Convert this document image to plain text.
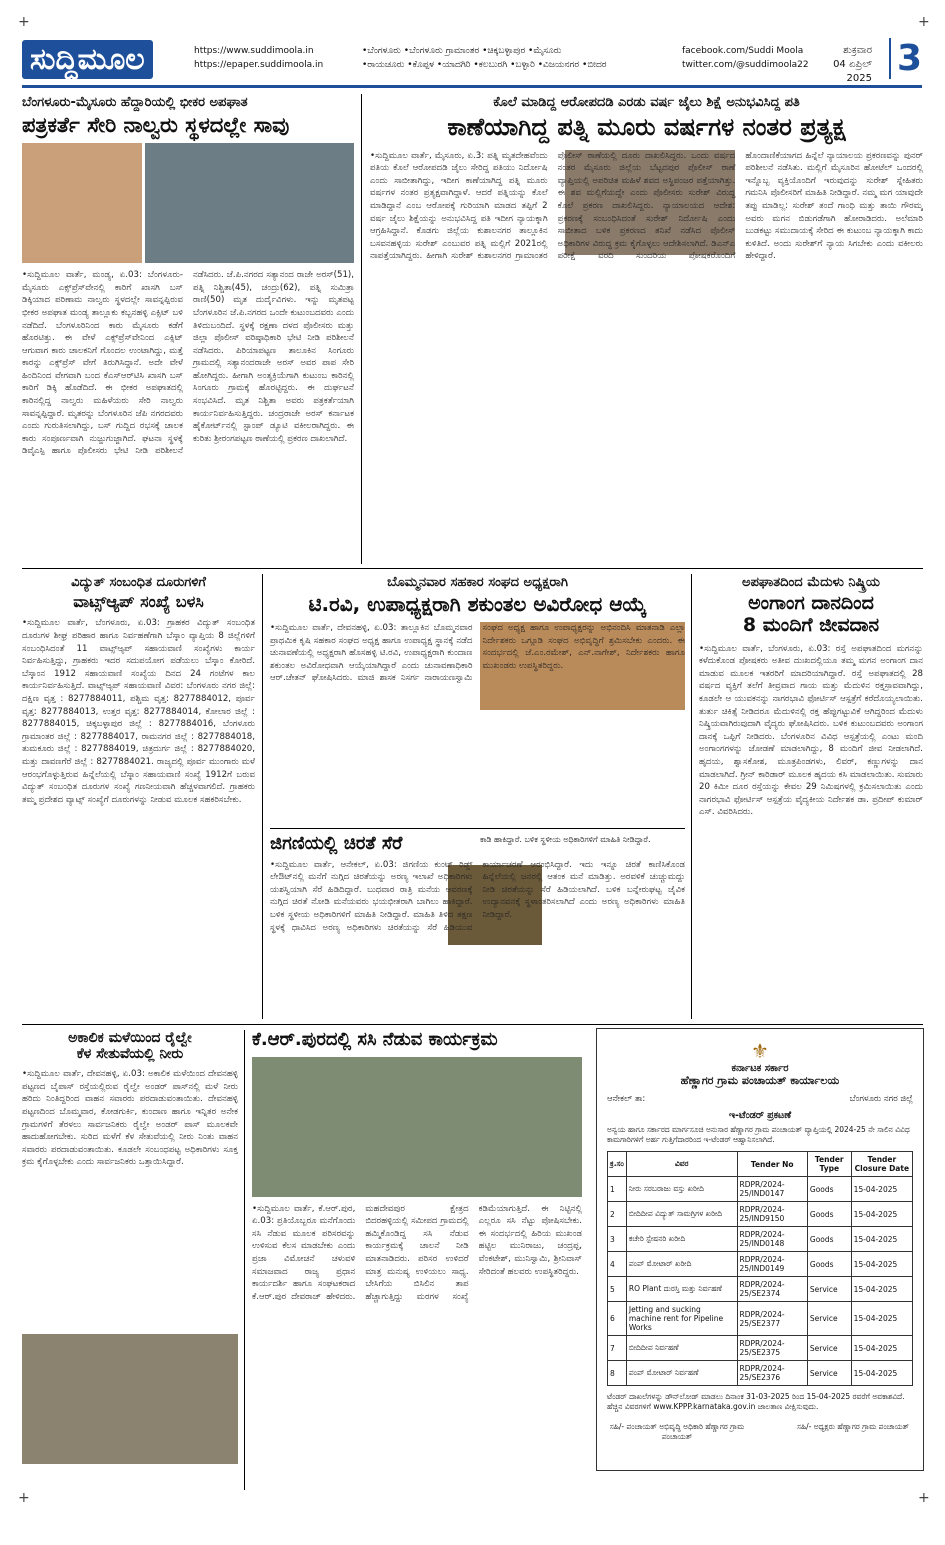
+	+
+	+
ಸುದ್ದಿಮೂಲ	https://www.suddimoola.in
https://epaper.suddimoola.in
•ಬೆಂಗಳೂರು •ಬೆಂಗಳೂರು ಗ್ರಾಮಾಂತರ •ಚಿಕ್ಕಬಳ್ಳಾಪುರ •ಮೈಸೂರು
•ರಾಯಚೂರು •ಕೊಪ್ಪಳ •ಯಾದಗಿರಿ •ಕಲಬುರಗಿ •ಬಳ್ಳಾರಿ •ವಿಜಯನಗರ •ಬೀದರ
facebook.com/Suddi Moola
twitter.com/@suddimoola22
ಶುಕ್ರವಾರ
04 ಏಪ್ರಿಲ್ 2025 3
ಬೆಂಗಳೂರು-ಮೈಸೂರು ಹೆದ್ದಾರಿಯಲ್ಲಿ ಭೀಕರ ಅಪಘಾತ
ಪತ್ರಕರ್ತೆ ಸೇರಿ ನಾಲ್ವರು ಸ್ಥಳದಲ್ಲೇ ಸಾವು
•ಸುದ್ದಿಮೂಲ ವಾರ್ತೆ, ಮಂಡ್ಯ, ಏ.03: ಬೆಂಗಳೂರು-ಮೈಸೂರು ಎಕ್ಸ್‌ಪ್ರೆಸ್‌ವೇನಲ್ಲಿ ಕಾರಿಗೆ ಖಾಸಗಿ ಬಸ್ ಡಿಕ್ಕಿಯಾದ ಪರಿಣಾಮ ನಾಲ್ವರು ಸ್ಥಳದಲ್ಲೇ ಸಾವನ್ನಪ್ಪಿರುವ ಭೀಕರ ಅಪಘಾತ ಮಂಡ್ಯ ತಾಲ್ಲೂಕು ಕಬ್ಬನಹಳ್ಳಿ ಎಕ್ಸಿಟ್ ಬಳಿ ನಡೆದಿದೆ. ಬೆಂಗಳೂರಿನಿಂದ ಕಾರು ಮೈಸೂರು ಕಡೆಗೆ ಹೊರಟಿತ್ತು. ಈ ವೇಳೆ ಎಕ್ಸ್‌ಪ್ರೆಸ್‌ವೇನಿಂದ ಎಕ್ಸಿಟ್ ಆಗುವಾಗ ಕಾರು ಚಾಲಕನಿಗೆ ಗೊಂದಲ ಉಂಟಾಗಿದ್ದು, ಮತ್ತೆ ಕಾರನ್ನು ಎಕ್ಸ್‌ಪ್ರೆಸ್ ವೇಗೆ ತಿರುಗಿಸಿದ್ದಾನೆ. ಅದೇ ವೇಳೆ ಹಿಂದಿನಿಂದ ವೇಗವಾಗಿ ಬಂದ ಕೆಎಸ್‌ಆರ್‌ಟಿಸಿ ಖಾಸಗಿ ಬಸ್ ಕಾರಿಗೆ ಡಿಕ್ಕಿ ಹೊಡೆದಿದೆ. ಈ ಭೀಕರ ಅಪಘಾತದಲ್ಲಿ ಕಾರಿನಲ್ಲಿದ್ದ ನಾಲ್ವರು ಮಹಿಳೆಯರು ಸೇರಿ ನಾಲ್ವರು ಸಾವನ್ನಪ್ಪಿದ್ದಾರೆ. ಮೃತರನ್ನು ಬೆಂಗಳೂರಿನ ಜೆಪಿ ನಗರದವರು ಎಂದು ಗುರುತಿಸಲಾಗಿದ್ದು, ಬಸ್ ಗುದ್ದಿದ ರಭಸಕ್ಕೆ ಚಾಲಕ ಕಾರು ಸಂಪೂರ್ಣವಾಗಿ ನುಜ್ಜುಗುಜ್ಜಾಗಿದೆ. ಘಟನಾ ಸ್ಥಳಕ್ಕೆ ಡಿವೈಎಸ್ಪಿ ಹಾಗೂ ಪೊಲೀಸರು ಭೇಟಿ ನೀಡಿ ಪರಿಶೀಲನೆ ನಡೆಸಿದರು. ಜೆ.ಪಿ.ನಗರದ ಸತ್ಯಾನಂದ ರಾಜೇ ಅರಸ್(51), ಪತ್ನಿ ನಿಶ್ಚಿತಾ(45), ಚಂದ್ರು(62), ಪತ್ನಿ ಸುಮಿತ್ರಾ ರಾಣಿ(50) ಮೃತ ದುರ್ದೈವಿಗಳು. ಇನ್ನು ಮೃತಪಟ್ಟ ಬೆಂಗಳೂರಿನ ಜೆ.ಪಿ.ನಗರದ ಒಂದೇ ಕುಟುಂಬದವರು ಎಂದು ತಿಳಿದುಬಂದಿದೆ. ಸ್ಥಳಕ್ಕೆ ರಕ್ಷಣಾ ದಳದ ಪೊಲೀಸರು ಮತ್ತು ಜಿಲ್ಲಾ ಪೊಲೀಸ್ ವರಿಷ್ಠಾಧಿಕಾರಿ ಭೇಟಿ ನೀಡಿ ಪರಿಶೀಲನೆ ನಡೆಸಿದರು. ಪಿರಿಯಾಪಟ್ಟಣ ತಾಲೂಕಿನ ಸಿಂಗೂರು ಗ್ರಾಮದಲ್ಲಿ ಸತ್ಯಾನಂದರಾಜೇ ಅರಸ್ ಅವರ ಪಾಪ ಸೇರಿ ಹೋಗಿದ್ದರು. ಹೀಗಾಗಿ ಅಂತ್ಯಕ್ರಿಯೆಗಾಗಿ ಕುಟುಂಬ ಕಾರಿನಲ್ಲಿ ಸಿಂಗೂರು ಗ್ರಾಮಕ್ಕೆ ಹೊರಟ್ಟಿದ್ದರು. ಈ ದುರ್ಘಟನೆ ಸಂಭವಿಸಿದೆ. ಮೃತ ನಿಶ್ಚಿತಾ ಅವರು ಪತ್ರಕರ್ತೆಯಾಗಿ ಕಾರ್ಯನಿರ್ವಹಿಸುತ್ತಿದ್ದರು. ಚಂದ್ರರಾಜೇ ಅರಸ್ ಕರ್ನಾಟಕ ಹೈಕೋರ್ಟ್‌ನಲ್ಲಿ ಸ್ಟಾಂಪ್ ಡ್ಯೂಟಿ ವಕೀಲರಾಗಿದ್ದರು. ಈ ಕುರಿತು ಶ್ರೀರಂಗಪಟ್ಟಣ ಠಾಣೆಯಲ್ಲಿ ಪ್ರಕರಣ ದಾಖಲಾಗಿದೆ.
ಕೊಲೆ ಮಾಡಿದ್ದ ಆರೋಪದಡಿ ಎರಡು ವರ್ಷ ಜೈಲು ಶಿಕ್ಷೆ ಅನುಭವಿಸಿದ್ದ ಪತಿ
ಕಾಣೆಯಾಗಿದ್ದ ಪತ್ನಿ ಮೂರು ವರ್ಷಗಳ ನಂತರ ಪ್ರತ್ಯಕ್ಷ
•ಸುದ್ದಿಮೂಲ ವಾರ್ತೆ, ಮೈಸೂರು, ಏ.3: ಪತ್ನಿ ಮೃತದೇಹವೆಂದು ಪತಿಯ ಕೊಲೆ ಆರೋಪದಡಿ ಜೈಲು ಸೇರಿದ್ದ ಪತಿಯು ನಿರ್ದೋಷಿ ಎಂದು ಸಾಬೀತಾಗಿದ್ದು, ಇದೀಗ ಕಾಣೆಯಾಗಿದ್ದ ಪತ್ನಿ ಮೂರು ವರ್ಷಗಳ ನಂತರ ಪ್ರತ್ಯಕ್ಷವಾಗಿದ್ದಾಳೆ. ಆದರೆ ಪತ್ನಿಯನ್ನು ಕೊಲೆ ಮಾಡಿದ್ದಾನೆ ಎಂಬ ಆರೋಪಕ್ಕೆ ಗುರಿಯಾಗಿ ಮಾಡದ ತಪ್ಪಿಗೆ 2 ವರ್ಷ ಜೈಲು ಶಿಕ್ಷೆಯನ್ನು ಅನುಭವಿಸಿದ್ದ ಪತಿ ಇದೀಗ ನ್ಯಾಯಕ್ಕಾಗಿ ಆಗ್ರಹಿಸಿದ್ದಾನೆ. ಕೊಡಗು ಜಿಲ್ಲೆಯ ಕುಶಾಲನಗರ ತಾಲ್ಲೂಕಿನ ಬಸವನಹಳ್ಳಿಯ ಸುರೇಶ್ ಎಂಬುವರ ಪತ್ನಿ ಮಲ್ಲಿಗೆ 2021ರಲ್ಲಿ ನಾಪತ್ತೆಯಾಗಿದ್ದರು. ಹೀಗಾಗಿ ಸುರೇಶ್ ಕುಶಾಲನಗರ ಗ್ರಾಮಾಂತರ ಪೊಲೀಸ್ ಠಾಣೆಯಲ್ಲಿ ದೂರು ದಾಖಲಿಸಿದ್ದರು. ಒಂದು ವರ್ಷದ ನಂತರ ಮೈಸೂರು ಜಿಲ್ಲೆಯ ಬೆಟ್ಟದಪುರ ಪೊಲೀಸ್ ಠಾಣೆ ವ್ಯಾಪ್ತಿಯಲ್ಲಿ ಅಪರಿಚಿತ ಮಹಿಳೆ ಶವದ ಅಸ್ಥಿಪಂಜರ ಪತ್ತೆಯಾಗಿತ್ತು. ಈ ಶವ ಮಲ್ಲಿಗೆಯದ್ದೇ ಎಂದು ಪೊಲೀಸರು ಸುರೇಶ್ ವಿರುದ್ಧ ಕೊಲೆ ಪ್ರಕರಣ ದಾಖಲಿಸಿದ್ದರು. ನ್ಯಾಯಾಲಯದ ಆದೇಶ: ಪ್ರಕರಣಕ್ಕೆ ಸಂಬಂಧಿಸಿದಂತೆ ಸುರೇಶ್ ನಿರ್ದೋಷಿ ಎಂದು ಸಾಬೀತಾದ ಬಳಿಕ ಪ್ರಕರಣದ ತನಿಖೆ ನಡೆಸಿದ ಪೊಲೀಸ್ ಅಧಿಕಾರಿಗಳ ವಿರುದ್ಧ ಕ್ರಮ ಕೈಗೊಳ್ಳಲು ಆದೇಶಿಸಲಾಗಿದೆ. ಡಿಎನ್‌ಎ ಪರೀಕ್ಷೆ ವರದಿ ಸುಂದರಿಯ ಪೋಷಕರೊಂದಿಗೆ ಹೊಂದಾಣಿಕೆಯಾಗದ ಹಿನ್ನೆಲೆ ನ್ಯಾಯಾಲಯ ಪ್ರಕರಣವನ್ನು ಪುನರ್ ಪರಿಶೀಲನೆ ನಡೆಸಿತು. ಮಲ್ಲಿಗೆ ಮೈಸೂರಿನ ಹೋಟೆಲ್ ಒಂದರಲ್ಲಿ ಇನ್ನೊಬ್ಬ ವ್ಯಕ್ತಿಯೊಂದಿಗೆ ಇರುವುದನ್ನು ಸುರೇಶ್ ಸ್ನೇಹಿತರು ಗಮನಿಸಿ ಪೊಲೀಸರಿಗೆ ಮಾಹಿತಿ ನೀಡಿದ್ದಾರೆ. ನಮ್ಮ ಮಗ ಯಾವುದೇ ತಪ್ಪು ಮಾಡಿಲ್ಲ: ಸುರೇಶ್ ತಂದೆ ಗಾಂಧಿ ಮತ್ತು ತಾಯಿ ಗೌರಮ್ಮ ಅವರು ಮಗನ ಬಿಡುಗಡೆಗಾಗಿ ಹೋರಾಡಿದರು. ಅಲೆಮಾರಿ ಬುಡಕಟ್ಟು ಸಮುದಾಯಕ್ಕೆ ಸೇರಿದ ಈ ಕುಟುಂಬ ನ್ಯಾಯಕ್ಕಾಗಿ ಕಾದು ಕುಳಿತಿದೆ. ಅಂದು ಸುರೇಶ್‌ಗೆ ನ್ಯಾಯ ಸಿಗಬೇಕು ಎಂದು ವಕೀಲರು ಹೇಳಿದ್ದಾರೆ.
ವಿದ್ಯುತ್ ಸಂಬಂಧಿತ ದೂರುಗಳಿಗೆ
ವಾಟ್ಸ್‌ಆ್ಯಪ್ ಸಂಖ್ಯೆ ಬಳಸಿ
•ಸುದ್ದಿಮೂಲ ವಾರ್ತೆ, ಬೆಂಗಳೂರು, ಏ.03: ಗ್ರಾಹಕರ ವಿದ್ಯುತ್ ಸಂಬಂಧಿತ ದೂರುಗಳ ಶೀಘ್ರ ಪರಿಹಾರ ಹಾಗೂ ನಿರ್ವಹಣೆಗಾಗಿ ಬೆಸ್ಕಾಂ ವ್ಯಾಪ್ತಿಯ 8 ಜಿಲ್ಲೆಗಳಿಗೆ ಸಂಬಂಧಿಸಿದಂತೆ 11 ವಾಟ್ಸ್‌ಆ್ಯಪ್ ಸಹಾಯವಾಣಿ ಸಂಖ್ಯೆಗಳು ಕಾರ್ಯ ನಿರ್ವಹಿಸುತ್ತಿದ್ದು, ಗ್ರಾಹಕರು ಇದರ ಸದುಪಯೋಗ ಪಡೆಯಲು ಬೆಸ್ಕಾಂ ಕೋರಿದೆ. ಬೆಸ್ಕಾಂನ 1912 ಸಹಾಯವಾಣಿ ಸಂಖ್ಯೆಯ ದಿನದ 24 ಗಂಟೆಗಳ ಕಾಲ ಕಾರ್ಯನಿರ್ವಹಿಸುತ್ತಿದೆ. ವಾಟ್ಸ್‌ಆ್ಯಪ್ ಸಹಾಯವಾಣಿ ವಿವರ: ಬೆಂಗಳೂರು ನಗರ ಜಿಲ್ಲೆ: ದಕ್ಷಿಣ ವೃತ್ತ : 8277884011, ಪಶ್ಚಿಮ ವೃತ್ತ: 8277884012, ಪೂರ್ವ ವೃತ್ತ: 8277884013, ಉತ್ತರ ವೃತ್ತ: 8277884014, ಕೋಲಾರ ಜಿಲ್ಲೆ : 8277884015, ಚಿಕ್ಕಬಳ್ಳಾಪುರ ಜಿಲ್ಲೆ : 8277884016, ಬೆಂಗಳೂರು ಗ್ರಾಮಾಂತರ ಜಿಲ್ಲೆ : 8277884017, ರಾಮನಗರ ಜಿಲ್ಲೆ : 8277884018, ತುಮಕೂರು ಜಿಲ್ಲೆ : 8277884019, ಚಿತ್ರದುರ್ಗ ಜಿಲ್ಲೆ : 8277884020, ಮತ್ತು ದಾವಣಗೆರೆ ಜಿಲ್ಲೆ : 8277884021. ರಾಜ್ಯದಲ್ಲಿ ಪೂರ್ವ ಮುಂಗಾರು ಮಳೆ ಆರಂಭಗೊಳ್ಳುತ್ತಿರುವ ಹಿನ್ನೆಲೆಯಲ್ಲಿ ಬೆಸ್ಕಾಂ ಸಹಾಯವಾಣಿ ಸಂಖ್ಯೆ 1912ಗೆ ಬರುವ ವಿದ್ಯುತ್ ಸಂಬಂಧಿತ ದೂರುಗಳ ಸಂಖ್ಯೆ ಗಣನೀಯವಾಗಿ ಹೆಚ್ಚಳವಾಗಲಿದೆ. ಗ್ರಾಹಕರು ತಮ್ಮ ಪ್ರದೇಶದ ವ್ಯಾಟ್ಸ್ ಸಂಖ್ಯೆಗೆ ದೂರುಗಳನ್ನು ನೀಡುವ ಮೂಲಕ ಸಹಕರಿಸಬೇಕು.
ಬೊಮ್ಮನವಾರ ಸಹಕಾರ ಸಂಘದ ಅಧ್ಯಕ್ಷರಾಗಿ
ಟಿ.ರವಿ, ಉಪಾಧ್ಯಕ್ಷರಾಗಿ ಶಕುಂತಲ ಅವಿರೋಧ ಆಯ್ಕೆ
•ಸುದ್ದಿಮೂಲ ವಾರ್ತೆ, ದೇವನಹಳ್ಳಿ, ಏ.03: ತಾಲ್ಲೂಕಿನ ಬೊಮ್ಮನವಾರ ಪ್ರಾಥಮಿಕ ಕೃಷಿ ಸಹಕಾರ ಸಂಘದ ಅಧ್ಯಕ್ಷ ಹಾಗೂ ಉಪಾಧ್ಯಕ್ಷ ಸ್ಥಾನಕ್ಕೆ ನಡೆದ ಚುನಾವಣೆಯಲ್ಲಿ ಅಧ್ಯಕ್ಷರಾಗಿ ಹೊಸಹಳ್ಳಿ ಟಿ.ರವಿ, ಉಪಾಧ್ಯಕ್ಷರಾಗಿ ಕುಂದಾಣ ಶಕುಂತಲ ಅವಿರೋಧವಾಗಿ ಆಯ್ಕೆಯಾಗಿದ್ದಾರೆ ಎಂದು ಚುನಾವಣಾಧಿಕಾರಿ ಆರ್.ಚೇತನ್ ಘೋಷಿಸಿದರು. ಮಾಜಿ ಶಾಸಕ ನಿಸರ್ಗ ನಾರಾಯಣಸ್ವಾಮಿ ಸಂಘದ ಅಧ್ಯಕ್ಷ ಹಾಗೂ ಉಪಾಧ್ಯಕ್ಷರನ್ನು ಅಭಿನಂದಿಸಿ ಮಾತನಾಡಿ ಎಲ್ಲಾ ನಿರ್ದೇಶಕರು ಒಗ್ಗೂಡಿ ಸಂಘದ ಅಭಿವೃದ್ಧಿಗೆ ಶ್ರಮಿಸಬೇಕು ಎಂದರು. ಈ ಸಂದರ್ಭದಲ್ಲಿ ಜೆ.ಎಂ.ರಮೇಶ್, ಎನ್.ನಾಗೇಶ್, ನಿರ್ದೇಶಕರು ಹಾಗೂ ಮುಖಂಡರು ಉಪಸ್ಥಿತರಿದ್ದರು.
ಜಿಗಣಿಯಲ್ಲಿ ಚಿರತೆ ಸೆರೆ	ಕಾಡಿ ಹಾಕಿದ್ದಾರೆ. ಬಳಿಕ ಸ್ಥಳೀಯ ಅಧಿಕಾರಿಗಳಿಗೆ ಮಾಹಿತಿ ನೀಡಿದ್ದಾರೆ.
•ಸುದ್ದಿಮೂಲ ವಾರ್ತೆ, ಆನೇಕಲ್, ಏ.03: ಜಿಗಣಿಯ ಕುಂಟ್ ರಿಡ್ಜ್ ಲೇಔಟ್‌ನಲ್ಲಿ ಮನೆಗೆ ನುಗ್ಗಿದ ಚಿರತೆಯನ್ನು ಅರಣ್ಯ ಇಲಾಖೆ ಅಧಿಕಾರಿಗಳು ಯಶಸ್ವಿಯಾಗಿ ಸೆರೆ ಹಿಡಿದಿದ್ದಾರೆ. ಬುಧವಾರ ರಾತ್ರಿ ಮನೆಯ ಆವರಣಕ್ಕೆ ನುಗ್ಗಿದ ಚಿರತೆ ನೋಡಿ ಮನೆಯವರು ಭಯಭೀತರಾಗಿ ಬಾಗಿಲು ಹಾಕಿದ್ದಾರೆ. ಬಳಿಕ ಸ್ಥಳೀಯ ಅಧಿಕಾರಿಗಳಿಗೆ ಮಾಹಿತಿ ನೀಡಿದ್ದಾರೆ. ಮಾಹಿತಿ ತಿಳಿದ ತಕ್ಷಣ ಸ್ಥಳಕ್ಕೆ ಧಾವಿಸಿದ ಅರಣ್ಯ ಅಧಿಕಾರಿಗಳು ಚಿರತೆಯನ್ನು ಸೆರೆ ಹಿಡಿಯುವ ಕಾರ್ಯಾಚರಣೆ ಆರಂಭಿಸಿದ್ದಾರೆ. ಇದು ಇನ್ನೂ ಚಿರತೆ ಕಾಣಿಸಿಕೊಂಡ ಹಿನ್ನೆಲೆಯಲ್ಲಿ ಜನರಲ್ಲಿ ಆತಂಕ ಮನೆ ಮಾಡಿತ್ತು. ಅರವಳಿಕೆ ಚುಚ್ಚುಮದ್ದು ನೀಡಿ ಚಿರತೆಯನ್ನು ಸೆರೆ ಹಿಡಿಯಲಾಗಿದೆ. ಬಳಿಕ ಬನ್ನೇರುಘಟ್ಟ ಜೈವಿಕ ಉದ್ಯಾನವನಕ್ಕೆ ಸ್ಥಳಾಂತರಿಸಲಾಗಿದೆ ಎಂದು ಅರಣ್ಯ ಅಧಿಕಾರಿಗಳು ಮಾಹಿತಿ ನೀಡಿದ್ದಾರೆ.
ಅಪಘಾತದಿಂದ ಮೆದುಳು ನಿಷ್ಕ್ರಿಯ
ಅಂಗಾಂಗ ದಾನದಿಂದ
8 ಮಂದಿಗೆ ಜೀವದಾನ
•ಸುದ್ದಿಮೂಲ ವಾರ್ತೆ, ಬೆಂಗಳೂರು, ಏ.03: ರಸ್ತೆ ಅಪಘಾತದಿಂದ ಮಗನನ್ನು ಕಳೆದುಕೊಂಡ ಪೋಷಕರು ಅತೀವ ದುಃಖದಲ್ಲಿಯೂ ತಮ್ಮ ಮಗನ ಅಂಗಾಂಗ ದಾನ ಮಾಡುವ ಮೂಲಕ ಇತರರಿಗೆ ಮಾದರಿಯಾಗಿದ್ದಾರೆ. ರಸ್ತೆ ಅಪಘಾತದಲ್ಲಿ 28 ವರ್ಷದ ವ್ಯಕ್ತಿಗೆ ತಲೆಗೆ ತೀವ್ರವಾದ ಗಾಯ ಮತ್ತು ಮೆದುಳಿನ ರಕ್ತಸ್ರಾವವಾಗಿದ್ದು, ಕೂಡಲೇ ಆ ಯುವಕನನ್ನು ನಾಗರಭಾವಿ ಫೋರ್ಟಿಸ್ ಆಸ್ಪತ್ರೆಗೆ ಕರೆದೊಯ್ಯಲಾಯಿತು. ತುರ್ತು ಚಿಕಿತ್ಸೆ ನೀಡಿದರೂ ಮೆದುಳಿನಲ್ಲಿ ರಕ್ತ ಹೆಪ್ಪುಗಟ್ಟುವಿಕೆ ಆಗಿದ್ದರಿಂದ ಮೆದುಳು ನಿಷ್ಕ್ರಿಯವಾಗಿರುವುದಾಗಿ ವೈದ್ಯರು ಘೋಷಿಸಿದರು. ಬಳಿಕ ಕುಟುಂಬದವರು ಅಂಗಾಂಗ ದಾನಕ್ಕೆ ಒಪ್ಪಿಗೆ ನೀಡಿದರು. ಬೆಂಗಳೂರಿನ ವಿವಿಧ ಆಸ್ಪತ್ರೆಯಲ್ಲಿ ಎಂಟು ಮಂದಿ ಅಂಗಾಂಗಗಳನ್ನು ಜೋಡಣೆ ಮಾಡಲಾಗಿದ್ದು, 8 ಮಂದಿಗೆ ಜೀವ ನೀಡಲಾಗಿದೆ. ಹೃದಯ, ಶ್ವಾಸಕೋಶ, ಮೂತ್ರಪಿಂಡಗಳು, ಲಿವರ್, ಕಣ್ಣುಗಳನ್ನು ದಾನ ಮಾಡಲಾಗಿದೆ. ಗ್ರೀನ್ ಕಾರಿಡಾರ್ ಮೂಲಕ ಹೃದಯ ಕಸಿ ಮಾಡಲಾಯಿತು. ಸುಮಾರು 20 ಕಿಮೀ ದೂರ ರಸ್ತೆಯನ್ನು ಕೇವಲ 29 ನಿಮಿಷಗಳಲ್ಲಿ ಕ್ರಮಿಸಲಾಯಿತು ಎಂದು ನಾಗರಭಾವಿ ಫೋರ್ಟಿಸ್ ಆಸ್ಪತ್ರೆಯ ವೈದ್ಯಕೀಯ ನಿರ್ದೇಶಕ ಡಾ. ಪ್ರದೀಪ್ ಕುಮಾರ್ ಎಸ್. ವಿವರಿಸಿದರು.
ಅಕಾಲಿಕ ಮಳೆಯಿಂದ ರೈಲ್ವೇ
ಕೆಳ ಸೇತುವೆಯಲ್ಲಿ ನೀರು
•ಸುದ್ದಿಮೂಲ ವಾರ್ತೆ, ದೇವನಹಳ್ಳಿ, ಏ.03: ಅಕಾಲಿಕ ಮಳೆಯಿಂದ ದೇವನಹಳ್ಳಿ ಪಟ್ಟಣದ ಬೈಪಾಸ್ ರಸ್ತೆಯಲ್ಲಿರುವ ರೈಲ್ವೇ ಅಂಡರ್ ಪಾಸ್‌ನಲ್ಲಿ ಮಳೆ ನೀರು ಹರಿದು ನಿಂತಿದ್ದರಿಂದ ವಾಹನ ಸವಾರರು ಪರದಾಡುವಂತಾಯಿತು. ದೇವನಹಳ್ಳಿ ಪಟ್ಟಣದಿಂದ ಬೊಮ್ಮವಾರ, ಕೋಡಗುರ್ಕಿ, ಕುಂದಾಣ ಹಾಗೂ ಇನ್ನಿತರ ಅನೇಕ ಗ್ರಾಮಗಳಿಗೆ ತೆರಳಲು ಸಾರ್ವಜನಿಕರು ರೈಲ್ವೇ ಅಂಡರ್ ಪಾಸ್ ಮೂಲಕವೇ ಹಾದುಹೋಗಬೇಕು. ಸುರಿದ ಮಳೆಗೆ ಕೆಳ ಸೇತುವೆಯಲ್ಲಿ ನೀರು ನಿಂತು ವಾಹನ ಸವಾರರು ಪರದಾಡುವಂತಾಯಿತು. ಕೂಡಲೇ ಸಂಬಂಧಪಟ್ಟ ಅಧಿಕಾರಿಗಳು ಸೂಕ್ತ ಕ್ರಮ ಕೈಗೊಳ್ಳಬೇಕು ಎಂದು ಸಾರ್ವಜನಿಕರು ಒತ್ತಾಯಿಸಿದ್ದಾರೆ.
ಕೆ.ಆರ್.ಪುರದಲ್ಲಿ ಸಸಿ ನೆಡುವ ಕಾರ್ಯಕ್ರಮ
•ಸುದ್ದಿಮೂಲ ವಾರ್ತೆ, ಕೆ.ಆರ್.ಪುರ, ಏ.03: ಪ್ರತಿಯೊಬ್ಬರೂ ಮನೆಗೊಂದು ಸಸಿ ನೆಡುವ ಮೂಲಕ ಪರಿಸರವನ್ನು ಉಳಿಸುವ ಕೆಲಸ ಮಾಡಬೇಕು ಎಂದು ಪ್ರಜಾ ವಿಮೋಚನೆ ಚಳುವಳಿ ಸಮಾಜವಾದ ರಾಜ್ಯ ಪ್ರಧಾನ ಕಾರ್ಯದರ್ಶಿ ಹಾಗೂ ಸಂಘಟಕರಾದ ಕೆ.ಆರ್.ಪುರ ದೇವರಾಜ್ ಹೇಳಿದರು. ಮಹದೇವಪುರ ಕ್ಷೇತ್ರದ ಬಿದರಹಳ್ಳಿಯಲ್ಲಿ ಸಮೀಪದ ಗ್ರಾಮದಲ್ಲಿ ಹಮ್ಮಿಕೊಂಡಿದ್ದ ಸಸಿ ನೆಡುವ ಕಾರ್ಯಕ್ರಮಕ್ಕೆ ಚಾಲನೆ ನೀಡಿ ಮಾತನಾಡಿದರು. ಪರಿಸರ ಉಳಿದರೆ ಮಾತ್ರ ಮನುಷ್ಯ ಉಳಿಯಲು ಸಾಧ್ಯ. ಬೇಸಿಗೆಯ ಬಿಸಿಲಿನ ತಾಪ ಹೆಚ್ಚಾಗುತ್ತಿದ್ದು ಮರಗಳ ಸಂಖ್ಯೆ ಕಡಿಮೆಯಾಗುತ್ತಿದೆ. ಈ ನಿಟ್ಟಿನಲ್ಲಿ ಎಲ್ಲರೂ ಸಸಿ ನೆಟ್ಟು ಪೋಷಿಸಬೇಕು. ಈ ಸಂದರ್ಭದಲ್ಲಿ ಹಿರಿಯ ಮುಖಂಡ ಹಟ್ಟಿಲ ಮುನಿರಾಜು, ಚಂದ್ರಪ್ಪ, ವೆಂಕಟೇಶ್, ಮುನಿಸ್ವಾಮಿ, ಶ್ರೀನಿವಾಸ್ ಸೇರಿದಂತೆ ಹಲವರು ಉಪಸ್ಥಿತರಿದ್ದರು.
⚜
ಕರ್ನಾಟಕ ಸರ್ಕಾರ
ಹೆಣ್ಣಾಗರ ಗ್ರಾಮ ಪಂಚಾಯತ್ ಕಾರ್ಯಾಲಯ
ಆನೇಕಲ್ ತಾ:	ಬೆಂಗಳೂರು ನಗರ ಜಿಲ್ಲೆ
ಇ-ಟೆಂಡರ್ ಪ್ರಕಟಣೆ
ಅನ್ವಯ ಹಾಗೂ ಸರ್ಕಾರದ ಮಾರ್ಗಸೂಚಿ ಅನುಸಾರ ಹೆಣ್ಣಾಗರ ಗ್ರಾಮ ಪಂಚಾಯತ್ ವ್ಯಾಪ್ತಿಯಲ್ಲಿ 2024-25 ನೇ ಸಾಲಿನ ವಿವಿಧ ಕಾಮಗಾರಿಗಳಿಗೆ ಅರ್ಹ ಗುತ್ತಿಗೆದಾರರಿಂದ ಇ-ಟೆಂಡರ್ ಆಹ್ವಾನಿಸಲಾಗಿದೆ.
ಕ್ರ.ಸಂ	ವಿವರ	Tender No	Tender Type	Tender Closure Date
1	ನೀರು ಸರಬರಾಜು ವಸ್ತು ಖರೀದಿ	RDPR/2024-25/IND0147	Goods	15-04-2025
2	ಬೀದಿದೀಪ ವಿದ್ಯುತ್ ಸಾಮಗ್ರಿಗಳ ಖರೀದಿ	RDPR/2024-25/IND9150	Goods	15-04-2025
3	ಕಚೇರಿ ಸ್ಟೇಷನರಿ ಖರೀದಿ	RDPR/2024-25/IND0148	Goods	15-04-2025
4	ಪಂಪ್ ಮೋಟಾರ್ ಖರೀದಿ	RDPR/2024-25/IND0149	Goods	15-04-2025
5	RO Plant ದುರಸ್ತಿ ಮತ್ತು ನಿರ್ವಹಣೆ	RDPR/2024-25/SE2374	Service	15-04-2025
6	Jetting and sucking machine rent for Pipeline Works	RDPR/2024-25/SE2377	Service	15-04-2025
7	ಬೀದಿದೀಪ ನಿರ್ವಹಣೆ	RDPR/2024-25/SE2375	Service	15-04-2025
8	ಪಂಪ್ ಮೋಟಾರ್ ನಿರ್ವಹಣೆ	RDPR/2024-25/SE2376	Service	15-04-2025
ಟೆಂಡರ್ ದಾಖಲೆಗಳನ್ನು ಡೌನ್‌ಲೋಡ್ ಮಾಡಲು ದಿನಾಂಕ 31-03-2025 ರಿಂದ 15-04-2025 ರವರೆಗೆ ಅವಕಾಶವಿದೆ. ಹೆಚ್ಚಿನ ವಿವರಗಳಿಗೆ www.KPPP.karnataka.gov.in ಜಾಲತಾಣ ವೀಕ್ಷಿಸುವುದು.
ಸಹಿ/- ಪಂಚಾಯತ್ ಅಭಿವೃದ್ಧಿ ಅಧಿಕಾರಿ ಹೆಣ್ಣಾಗರ ಗ್ರಾಮ ಪಂಚಾಯತ್
ಸಹಿ/- ಅಧ್ಯಕ್ಷರು ಹೆಣ್ಣಾಗರ ಗ್ರಾಮ ಪಂಚಾಯತ್
